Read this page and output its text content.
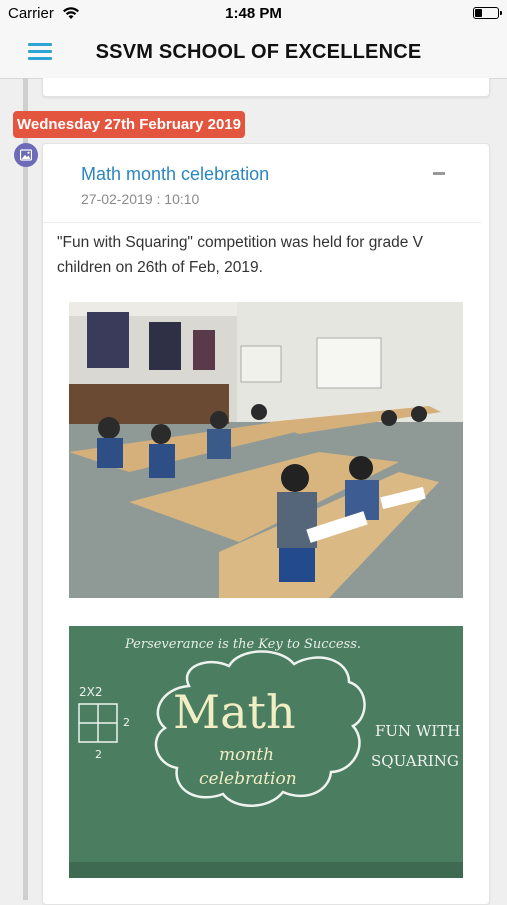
Carrier	1:48 PM
SSVM SCHOOL OF EXCELLENCE
Wednesday 27th February 2019
Math month celebration
27-02-2019 : 10:10
"Fun with Squaring" competition was held for grade V children on 26th of Feb, 2019.
Perseverance is the Key to Success.
Math
month
celebration
FUN WITH
SQUARING
2X2
2
2
